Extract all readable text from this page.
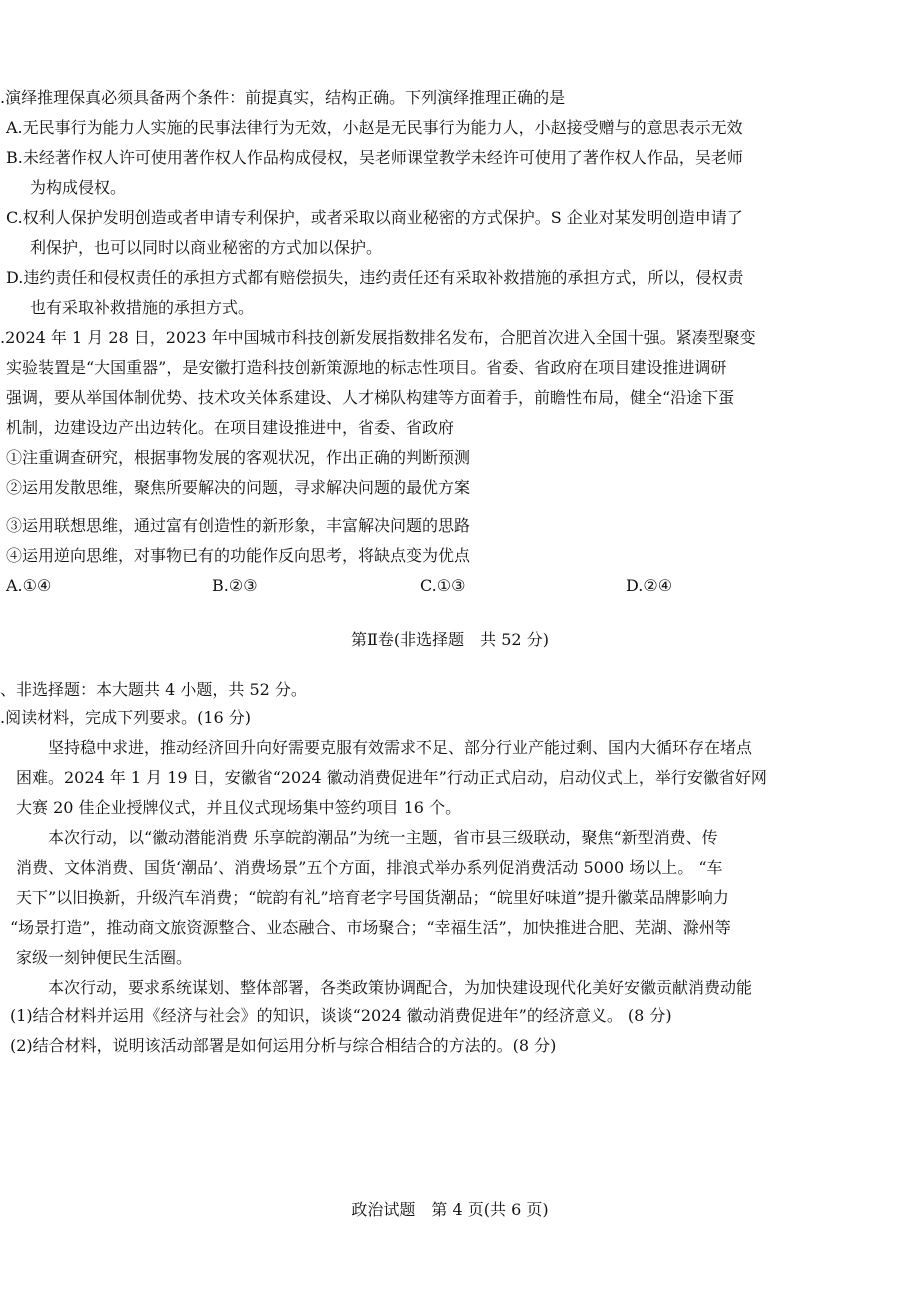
.演绎推理保真必须具备两个条件：前提真实，结构正确。下列演绎推理正确的是
A.无民事行为能力人实施的民事法律行为无效，小赵是无民事行为能力人，小赵接受赠与的意思表示无效
B.未经著作权人许可使用著作权人作品构成侵权，吴老师课堂教学未经许可使用了著作权人作品，吴老师
为构成侵权。
C.权利人保护发明创造或者申请专利保护，或者采取以商业秘密的方式保护。S 企业对某发明创造申请了
利保护，也可以同时以商业秘密的方式加以保护。
D.违约责任和侵权责任的承担方式都有赔偿损失，违约责任还有采取补救措施的承担方式，所以，侵权责
也有采取补救措施的承担方式。
.2024 年 1 月 28 日，2023 年中国城市科技创新发展指数排名发布，合肥首次进入全国十强。紧凑型聚变
实验装置是“大国重器”，是安徽打造科技创新策源地的标志性项目。省委、省政府在项目建设推进调研
强调，要从举国体制优势、技术攻关体系建设、人才梯队构建等方面着手，前瞻性布局，健全“沿途下蛋
机制，边建设边产出边转化。在项目建设推进中，省委、省政府
①注重调查研究，根据事物发展的客观状况，作出正确的判断预测
②运用发散思维，聚焦所要解决的问题，寻求解决问题的最优方案
③运用联想思维，通过富有创造性的新形象，丰富解决问题的思路
④运用逆向思维，对事物已有的功能作反向思考，将缺点变为优点
A.①④	B.②③	C.①③	D.②④
第Ⅱ卷(非选择题　共 52 分)
、非选择题：本大题共 4 小题，共 52 分。
.阅读材料，完成下列要求。(16 分)
坚持稳中求进，推动经济回升向好需要克服有效需求不足、部分行业产能过剩、国内大循环存在堵点
困难。2024 年 1 月 19 日，安徽省“2024 徽动消费促进年”行动正式启动，启动仪式上，举行安徽省好网
大赛 20 佳企业授牌仪式，并且仪式现场集中签约项目 16 个。
本次行动，以“徽动潜能消费 乐享皖韵潮品”为统一主题，省市县三级联动，聚焦“新型消费、传
消费、文体消费、国货‘潮品’、消费场景”五个方面，排浪式举办系列促消费活动 5000 场以上。 “车
天下”以旧换新，升级汽车消费；“皖韵有礼”培育老字号国货潮品；“皖里好味道”提升徽菜品牌影响力
“场景打造”，推动商文旅资源整合、业态融合、市场聚合；“幸福生活”，加快推进合肥、芜湖、滁州等
家级一刻钟便民生活圈。
本次行动，要求系统谋划、整体部署，各类政策协调配合，为加快建设现代化美好安徽贡献消费动能
(1)结合材料并运用《经济与社会》的知识，谈谈“2024 徽动消费促进年”的经济意义。 (8 分)
(2)结合材料，说明该活动部署是如何运用分析与综合相结合的方法的。(8 分)
政治试题　第 4 页(共 6 页)
